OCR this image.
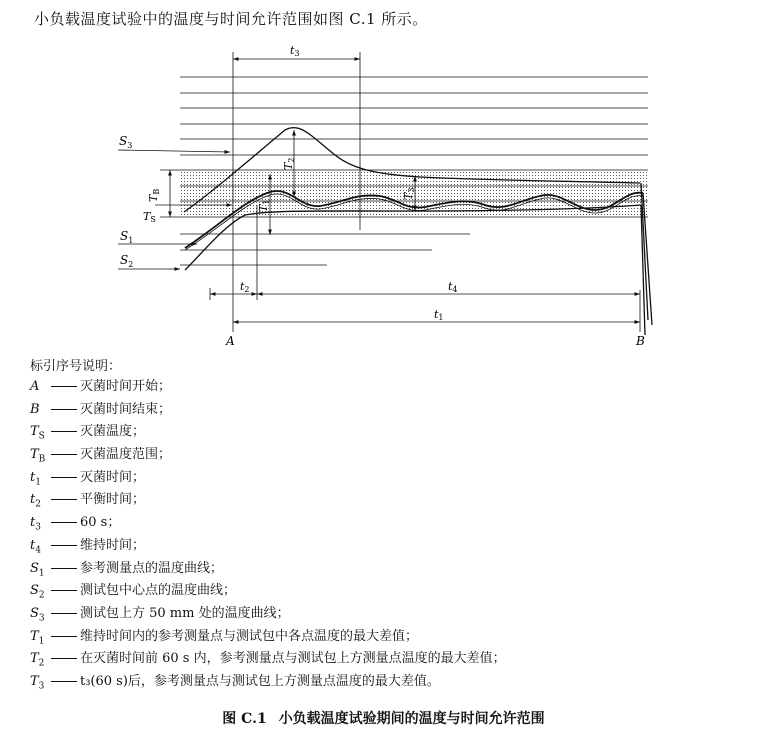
小负载温度试验中的温度与时间允许范围如图 C.1 所示。
t3
$S_3$
$S_1$
$S_2$
TB
TS
T2
T1
T3
t2	t4
t1
A	B
标引序号说明：
A	灭菌时间开始；
B	灭菌时间结束；
$T_S$	灭菌温度；
$T_B$	灭菌温度范围；
$t_1$	灭菌时间；
$t_2$	平衡时间；
$t_3$	60 s；
$t_4$	维持时间；
$S_1$	参考测量点的温度曲线；
$S_2$	测试包中心点的温度曲线；
$S_3$	测试包上方 50 mm 处的温度曲线；
$T_1$	维持时间内的参考测量点与测试包中各点温度的最大差值；
$T_2$	在灭菌时间前 60 s 内，参考测量点与测试包上方测量点温度的最大差值；
$T_3$	t₃(60 s)后，参考测量点与测试包上方测量点温度的最大差值。
图 C.1 小负载温度试验期间的温度与时间允许范围
